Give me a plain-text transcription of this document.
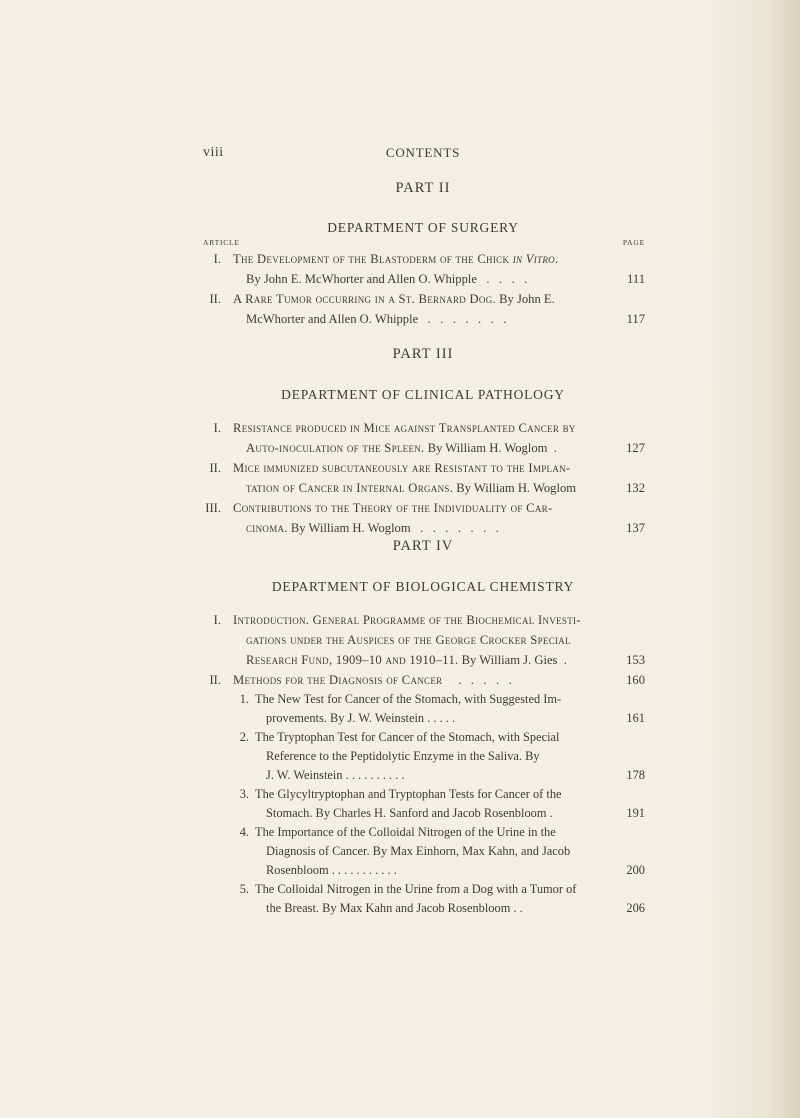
viii	CONTENTS
PART II
DEPARTMENT OF SURGERY
ARTICLE	PAGE
I. The Development of the Blastoderm of the Chick in Vitro.
By John E. McWhorter and Allen O. Whipple   .   .   .   .	111
II. A Rare Tumor occurring in a St. Bernard Dog. By John E.
McWhorter and Allen O. Whipple   .   .   .   .   .   .   .	117
PART III
DEPARTMENT OF CLINICAL PATHOLOGY
I. Resistance produced in Mice against Transplanted Cancer by
Auto-inoculation of the Spleen. By William H. Woglom  .	127
II. Mice immunized subcutaneously are Resistant to the Implan-
tation of Cancer in Internal Organs. By William H. Woglom	132
III. Contributions to the Theory of the Individuality of Car-
cinoma. By William H. Woglom   .   .   .   .   .   .   .	137
PART IV
DEPARTMENT OF BIOLOGICAL CHEMISTRY
I. Introduction. General Programme of the Biochemical Investi-
gations under the Auspices of the George Crocker Special
Research Fund, 1909–10 and 1910–11. By William J. Gies  .	153
II. Methods for the Diagnosis of Cancer     .   .   .   .   .	160
1. The New Test for Cancer of the Stomach, with Suggested Im-
provements. By J. W. Weinstein . . . . .	161
2. The Tryptophan Test for Cancer of the Stomach, with Special
Reference to the Peptidolytic Enzyme in the Saliva. By
J. W. Weinstein . . . . . . . . . .	178
3. The Glycyltryptophan and Tryptophan Tests for Cancer of the
Stomach. By Charles H. Sanford and Jacob Rosenbloom .	191
4. The Importance of the Colloidal Nitrogen of the Urine in the
Diagnosis of Cancer. By Max Einhorn, Max Kahn, and Jacob
Rosenbloom . . . . . . . . . . .	200
5. The Colloidal Nitrogen in the Urine from a Dog with a Tumor of
the Breast. By Max Kahn and Jacob Rosenbloom . .	206
